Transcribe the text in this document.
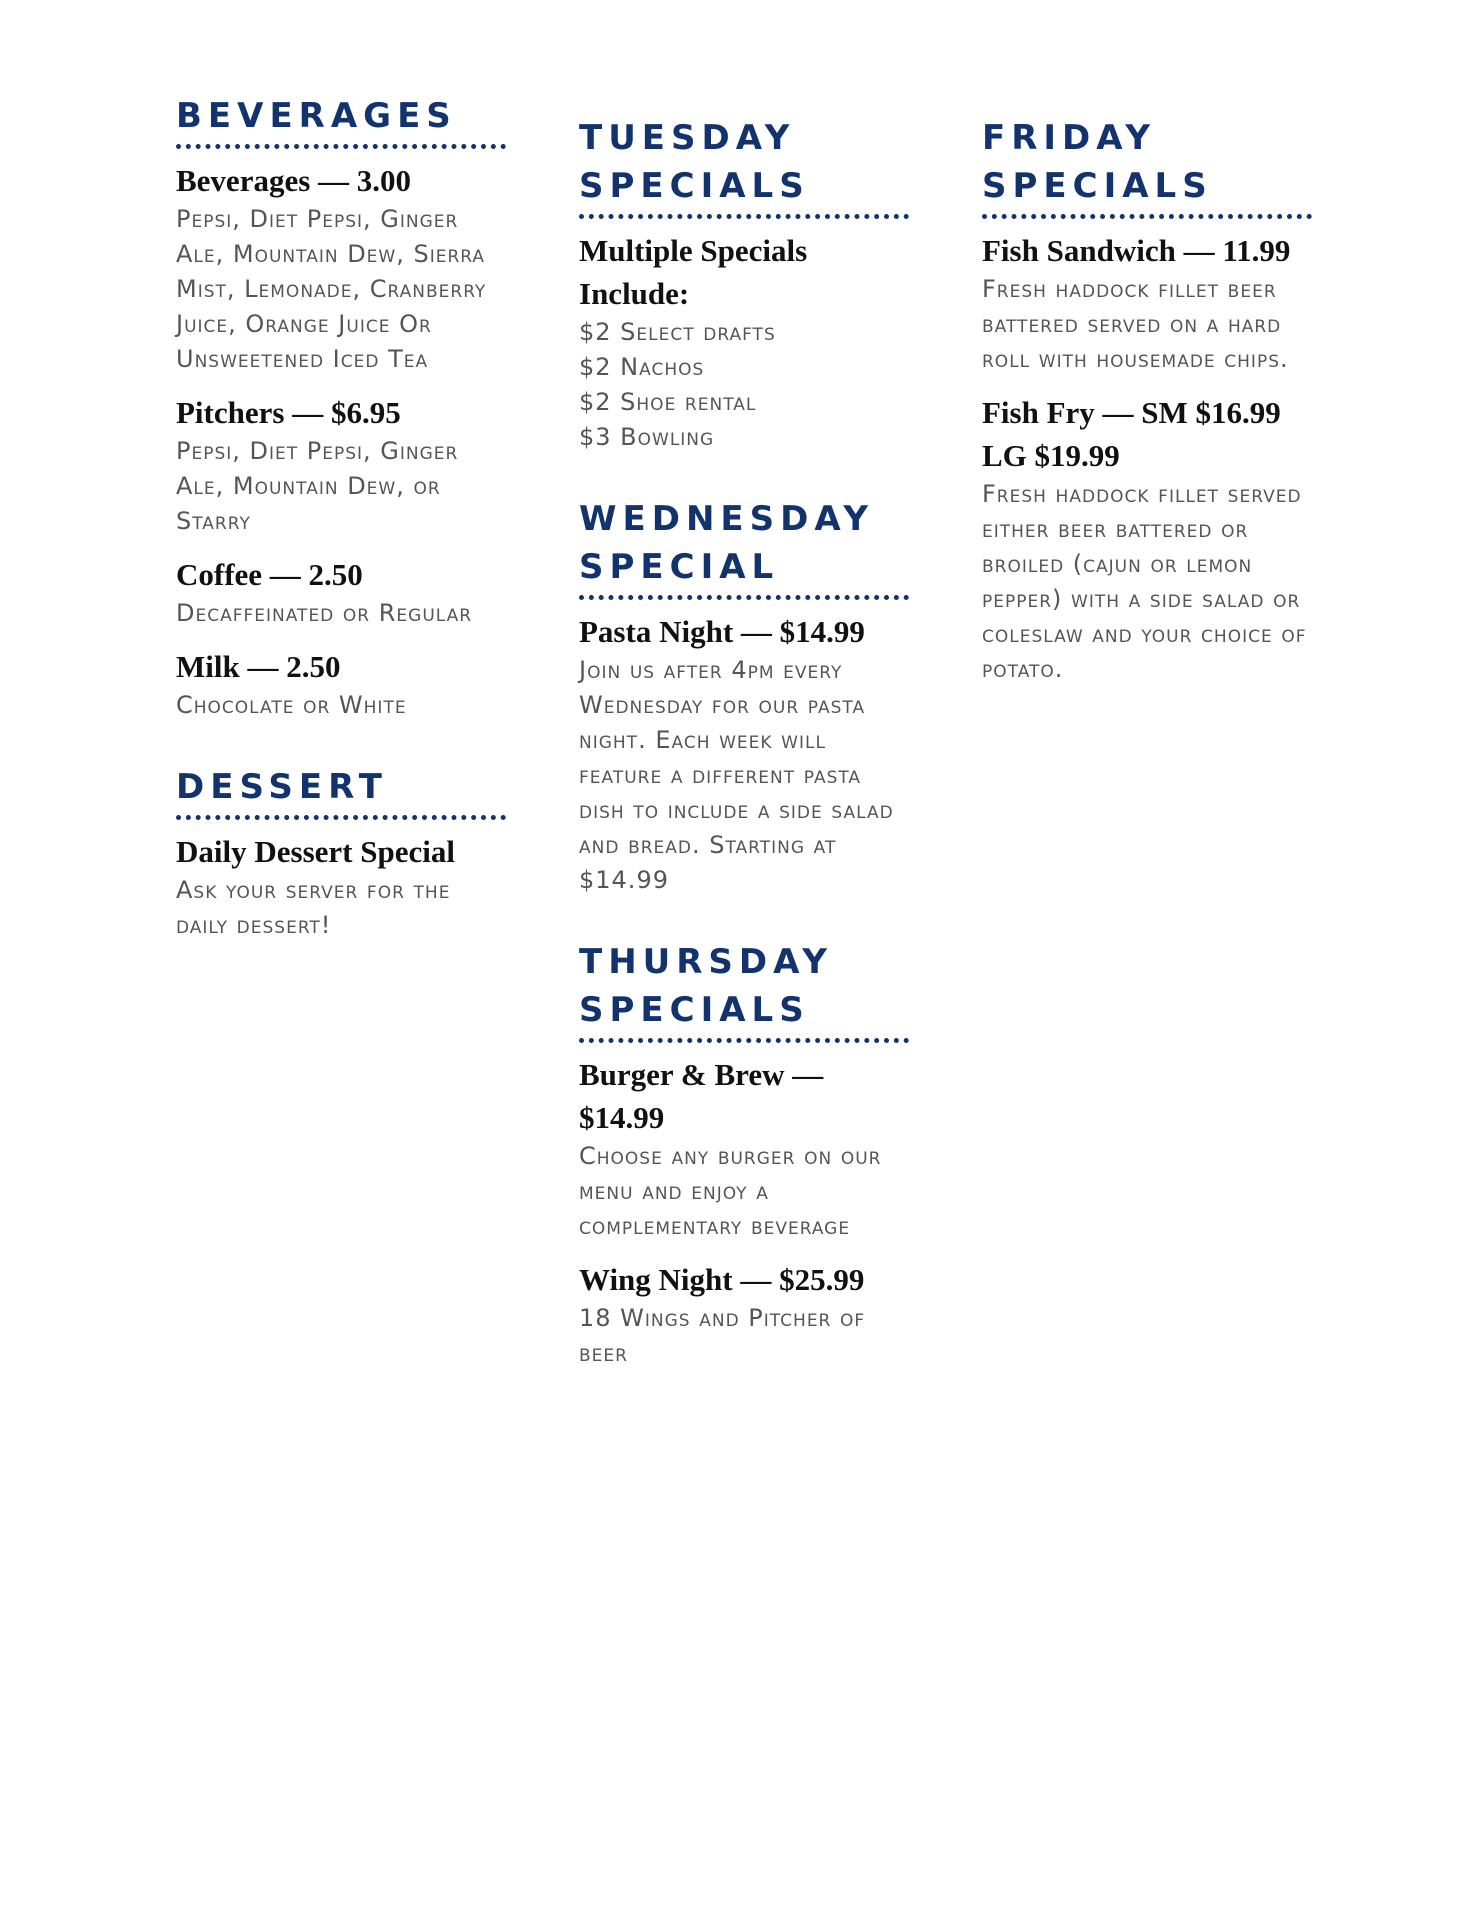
BEVERAGES

Beverages — 3.00

Pepsi, Diet Pepsi, Ginger Ale, Mountain Dew, Sierra Mist, Lemonade, Cranberry Juice, Orange Juice Or Unsweetened Iced Tea

Pitchers — $6.95

Pepsi, Diet Pepsi, Ginger Ale, Mountain Dew, or Starry

Coffee — 2.50

Decaffeinated or Regular

Milk — 2.50

Chocolate or White

DESSERT

Daily Dessert Special

Ask your server for the daily dessert!

TUESDAY SPECIALS

Multiple Specials Include:

$2 Select drafts
$2 Nachos
$2 Shoe rental
$3 Bowling

WEDNESDAY SPECIAL

Pasta Night — $14.99

Join us after 4pm every Wednesday for our pasta night. Each week will feature a different pasta dish to include a side salad and bread. Starting at $14.99

THURSDAY SPECIALS

Burger & Brew — $14.99

Choose any burger on our menu and enjoy a complementary beverage

Wing Night — $25.99

18 Wings and Pitcher of beer

FRIDAY SPECIALS

Fish Sandwich — 11.99

Fresh haddock fillet beer battered served on a hard roll with housemade chips.

Fish Fry — SM $16.99 LG $19.99

Fresh haddock fillet served either beer battered or broiled (cajun or lemon pepper) with a side salad or coleslaw and your choice of potato.
